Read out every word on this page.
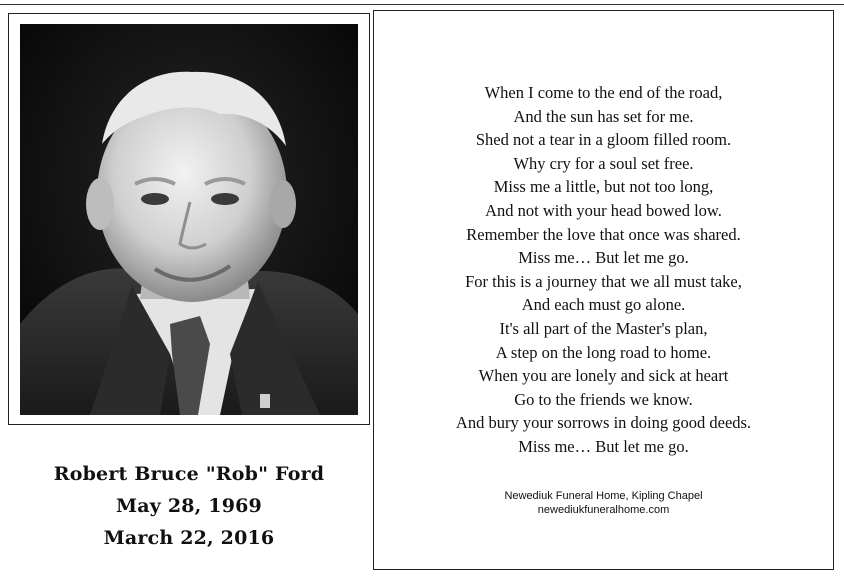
Robert Bruce "Rob" Ford
May 28, 1969
March 22, 2016
When I come to the end of the road,
And the sun has set for me.
Shed not a tear in a gloom filled room.
Why cry for a soul set free.
Miss me a little, but not too long,
And not with your head bowed low.
Remember the love that once was shared.
Miss me… But let me go.
For this is a journey that we all must take,
And each must go alone.
It's all part of the Master's plan,
A step on the long road to home.
When you are lonely and sick at heart
Go to the friends we know.
And bury your sorrows in doing good deeds.
Miss me… But let me go.
Newediuk Funeral Home, Kipling Chapel
newediukfuneralhome.com
